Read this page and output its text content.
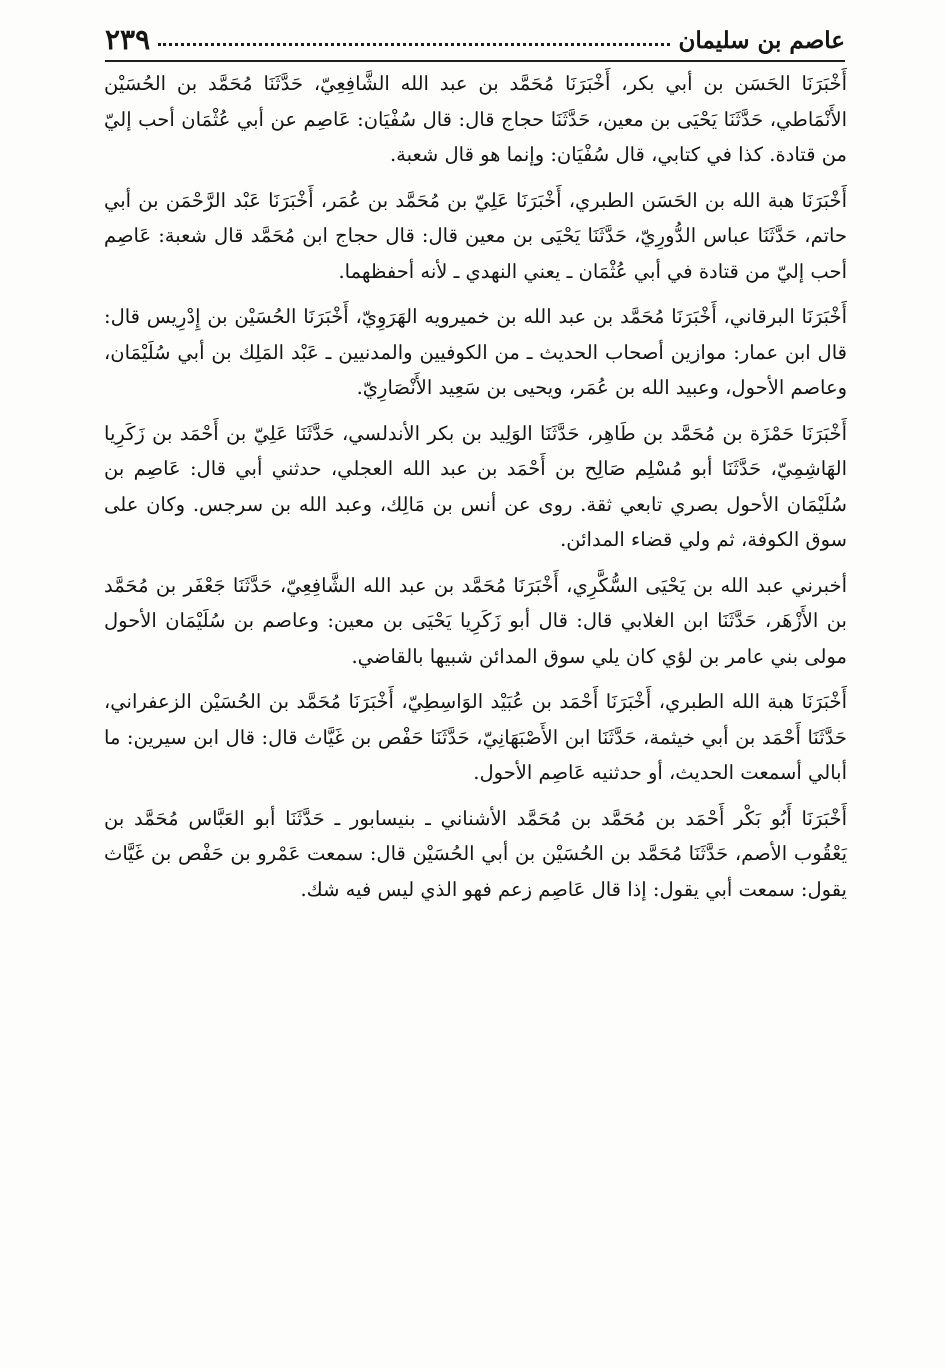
عاصم بن سليمان
٢٣٩

أَخْبَرَنَا الحَسَن بن أبي بكر، أَخْبَرَنَا مُحَمَّد بن عبد الله الشَّافِعِيّ، حَدَّثَنَا مُحَمَّد بن الحُسَيْن الأَنْمَاطي، حَدَّثَنَا يَحْيَى بن معين، حَدَّثَنَا حجاج قال: قال سُفْيَان: عَاصِم عن أبي عُثْمَان أحب إليّ من قتادة. كذا في كتابي، قال سُفْيَان: وإنما هو قال شعبة.

أَخْبَرَنَا هبة الله بن الحَسَن الطبري، أَخْبَرَنَا عَلِيّ بن مُحَمَّد بن عُمَر، أَخْبَرَنَا عَبْد الرَّحْمَن بن أبي حاتم، حَدَّثَنَا عباس الدُّورِيّ، حَدَّثَنَا يَحْيَى بن معين قال: قال حجاج ابن مُحَمَّد قال شعبة: عَاصِم أحب إليّ من قتادة في أبي عُثْمَان ـ يعني النهدي ـ لأنه أحفظهما.

أَخْبَرَنَا البرقاني، أَخْبَرَنَا مُحَمَّد بن عبد الله بن خميرويه الهَرَوِيّ، أَخْبَرَنَا الحُسَيْن بن إِدْرِيس قال: قال ابن عمار: موازين أصحاب الحديث ـ من الكوفيين والمدنيين ـ عَبْد المَلِك بن أبي سُلَيْمَان، وعاصم الأحول، وعبيد الله بن عُمَر، ويحيى بن سَعِيد الأَنْصَارِيّ.

أَخْبَرَنَا حَمْزَة بن مُحَمَّد بن طَاهِر، حَدَّثَنَا الوَلِيد بن بكر الأندلسي، حَدَّثَنَا عَلِيّ بن أَحْمَد بن زَكَرِيا الهَاشِمِيّ، حَدَّثَنَا أبو مُسْلِم صَالِح بن أَحْمَد بن عبد الله العجلي، حدثني أبي قال: عَاصِم بن سُلَيْمَان الأحول بصري تابعي ثقة. روى عن أنس بن مَالِك، وعبد الله بن سرجس. وكان على سوق الكوفة، ثم ولي قضاء المدائن.

أخبرني عبد الله بن يَحْيَى السُّكَّرِي، أَخْبَرَنَا مُحَمَّد بن عبد الله الشَّافِعِيّ، حَدَّثَنَا جَعْفَر بن مُحَمَّد بن الأَزْهَر، حَدَّثَنَا ابن الغلابي قال: قال أبو زَكَرِيا يَحْيَى بن معين: وعاصم بن سُلَيْمَان الأحول مولى بني عامر بن لؤي كان يلي سوق المدائن شبيها بالقاضي.

أَخْبَرَنَا هبة الله الطبري، أَخْبَرَنَا أَحْمَد بن عُبَيْد الوَاسِطِيّ، أَخْبَرَنَا مُحَمَّد بن الحُسَيْن الزعفراني، حَدَّثَنَا أَحْمَد بن أبي خيثمة، حَدَّثَنَا ابن الأَصْبَهَانِيّ، حَدَّثَنَا حَفْص بن غَيَّاث قال: قال ابن سيرين: ما أبالي أسمعت الحديث، أو حدثنيه عَاصِم الأحول.

أَخْبَرَنَا أَبُو بَكْر أَحْمَد بن مُحَمَّد بن مُحَمَّد الأشناني ـ بنيسابور ـ حَدَّثَنَا أبو العَبَّاس مُحَمَّد بن يَعْقُوب الأصم، حَدَّثَنَا مُحَمَّد بن الحُسَيْن بن أبي الحُسَيْن قال: سمعت عَمْرو بن حَفْص بن غَيَّاث يقول: سمعت أبي يقول: إذا قال عَاصِم زعم فهو الذي ليس فيه شك.
